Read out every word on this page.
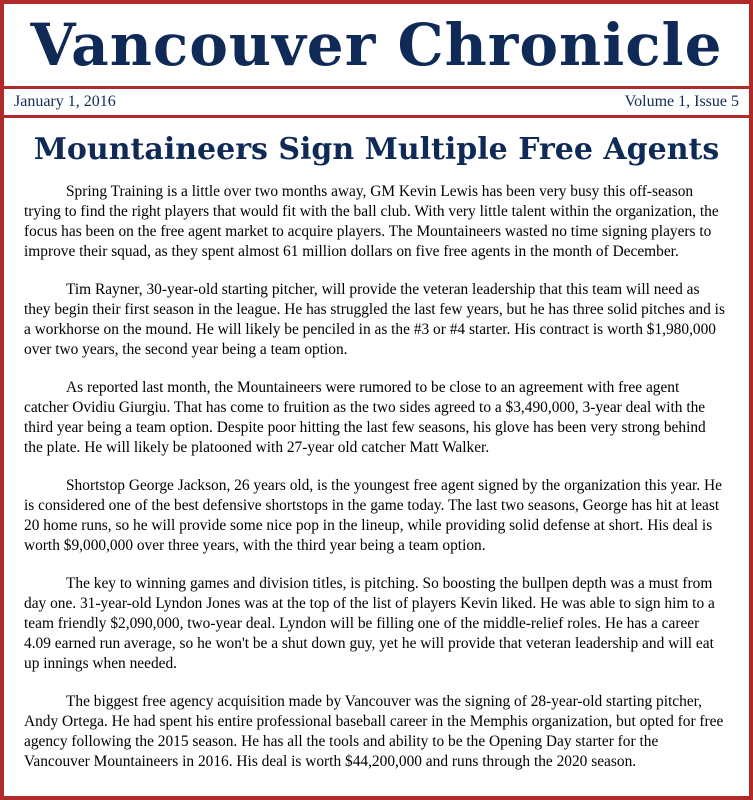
Vancouver Chronicle
January 1, 2016	Volume 1, Issue 5
Mountaineers Sign Multiple Free Agents

Spring Training is a little over two months away, GM Kevin Lewis has been very busy this off-season trying to find the right players that would fit with the ball club. With very little talent within the organization, the focus has been on the free agent market to acquire players. The Mountaineers wasted no time signing players to improve their squad, as they spent almost 61 million dollars on five free agents in the month of December.

Tim Rayner, 30-year-old starting pitcher, will provide the veteran leadership that this team will need as they begin their first season in the league. He has struggled the last few years, but he has three solid pitches and is a workhorse on the mound. He will likely be penciled in as the #3 or #4 starter. His contract is worth $1,980,000 over two years, the second year being a team option.

As reported last month, the Mountaineers were rumored to be close to an agreement with free agent catcher Ovidiu Giurgiu. That has come to fruition as the two sides agreed to a $3,490,000, 3-year deal with the third year being a team option. Despite poor hitting the last few seasons, his glove has been very strong behind the plate. He will likely be platooned with 27-year old catcher Matt Walker.

Shortstop George Jackson, 26 years old, is the youngest free agent signed by the organization this year. He is considered one of the best defensive shortstops in the game today. The last two seasons, George has hit at least 20 home runs, so he will provide some nice pop in the lineup, while providing solid defense at short. His deal is worth $9,000,000 over three years, with the third year being a team option.

The key to winning games and division titles, is pitching. So boosting the bullpen depth was a must from day one. 31-year-old Lyndon Jones was at the top of the list of players Kevin liked. He was able to sign him to a team friendly $2,090,000, two-year deal. Lyndon will be filling one of the middle-relief roles. He has a career 4.09 earned run average, so he won't be a shut down guy, yet he will provide that veteran leadership and will eat up innings when needed.

The biggest free agency acquisition made by Vancouver was the signing of 28-year-old starting pitcher, Andy Ortega. He had spent his entire professional baseball career in the Memphis organization, but opted for free agency following the 2015 season. He has all the tools and ability to be the Opening Day starter for the Vancouver Mountaineers in 2016. His deal is worth $44,200,000 and runs through the 2020 season.
